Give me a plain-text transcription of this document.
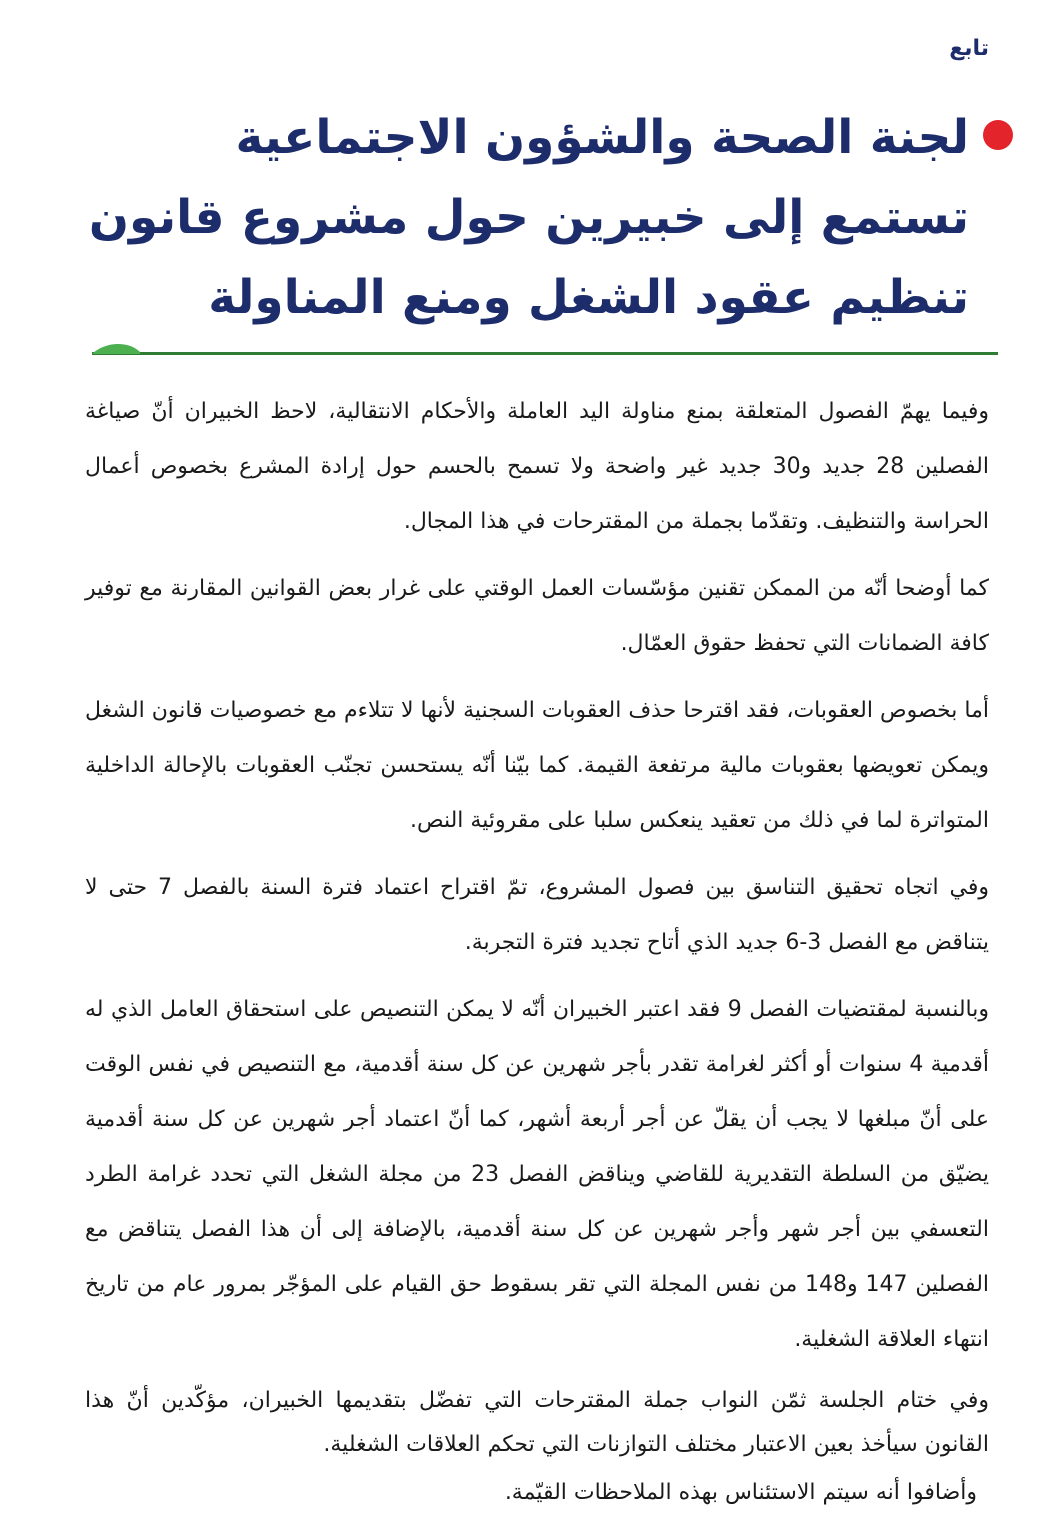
تابع

لجنة الصحة والشؤون الاجتماعية تستمع إلى خبيرين حول مشروع قانون تنظيم عقود الشغل ومنع المناولة

وفيما يهمّ الفصول المتعلقة بمنع مناولة اليد العاملة والأحكام الانتقالية، لاحظ الخبيران أنّ صياغة الفصلين 28 جديد و30 جديد غير واضحة ولا تسمح بالحسم حول إرادة المشرع بخصوص أعمال الحراسة والتنظيف. وتقدّما بجملة من المقترحات في هذا المجال.

كما أوضحا أنّه من الممكن تقنين مؤسّسات العمل الوقتي على غرار بعض القوانين المقارنة مع توفير كافة الضمانات التي تحفظ حقوق العمّال.

أما بخصوص العقوبات، فقد اقترحا حذف العقوبات السجنية لأنها لا تتلاءم مع خصوصيات قانون الشغل ويمكن تعويضها بعقوبات مالية مرتفعة القيمة. كما بيّنا أنّه يستحسن تجنّب العقوبات بالإحالة الداخلية المتواترة لما في ذلك من تعقيد ينعكس سلبا على مقروئية النص.

وفي اتجاه تحقيق التناسق بين فصول المشروع، تمّ اقتراح اعتماد فترة السنة بالفصل 7 حتى لا يتناقض مع الفصل 3-6 جديد الذي أتاح تجديد فترة التجربة.

وبالنسبة لمقتضيات الفصل 9 فقد اعتبر الخبيران أنّه لا يمكن التنصيص على استحقاق العامل الذي له أقدمية 4 سنوات أو أكثر لغرامة تقدر بأجر شهرين عن كل سنة أقدمية، مع التنصيص في نفس الوقت على أنّ مبلغها لا يجب أن يقلّ عن أجر أربعة أشهر، كما أنّ اعتماد أجر شهرين عن كل سنة أقدمية يضيّق من السلطة التقديرية للقاضي ويناقض الفصل 23 من مجلة الشغل التي تحدد غرامة الطرد التعسفي بين أجر شهر وأجر شهرين عن كل سنة أقدمية، بالإضافة إلى أن هذا الفصل يتناقض مع الفصلين 147 و148 من نفس المجلة التي تقر بسقوط حق القيام على المؤجّر بمرور عام من تاريخ انتهاء العلاقة الشغلية.

وفي ختام الجلسة ثمّن النواب جملة المقترحات التي تفضّل بتقديمها الخبيران، مؤكّدين أنّ هذا القانون سيأخذ بعين الاعتبار مختلف التوازنات التي تحكم العلاقات الشغلية.

وأضافوا أنه سيتم الاستئناس بهذه الملاحظات القيّمة.
